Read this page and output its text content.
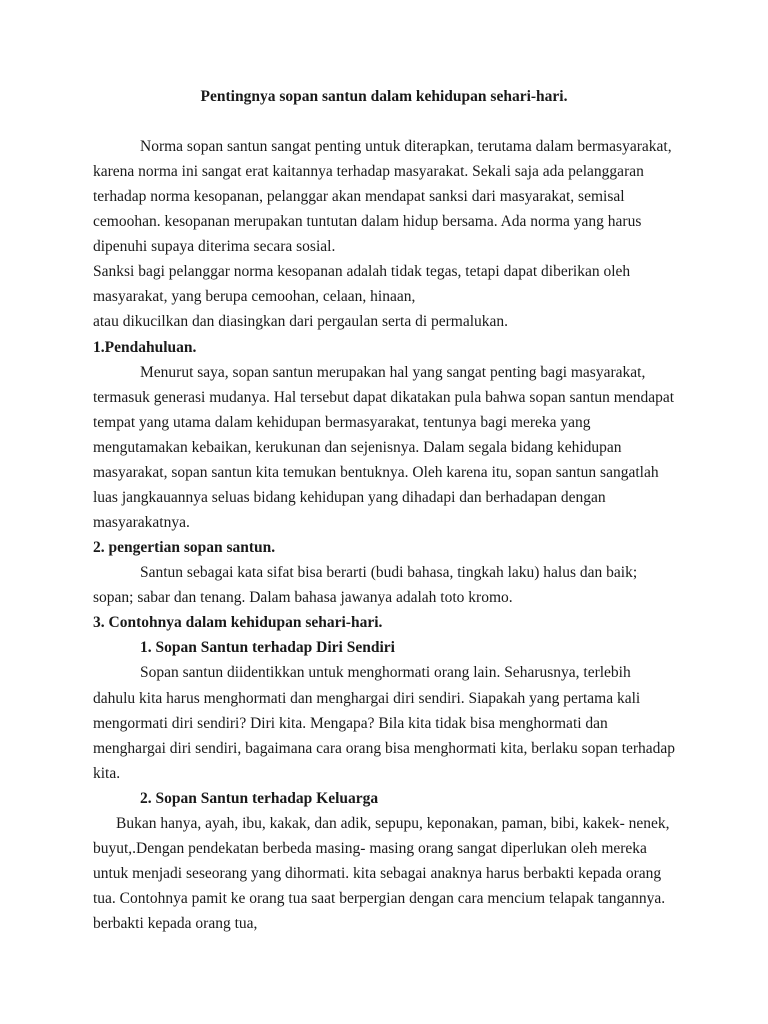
Pentingnya sopan santun dalam kehidupan sehari-hari.
Norma sopan santun sangat penting untuk diterapkan, terutama dalam bermasyarakat,
karena norma ini sangat erat kaitannya terhadap masyarakat. Sekali saja ada pelanggaran
terhadap norma kesopanan, pelanggar akan mendapat sanksi dari masyarakat, semisal
cemoohan. kesopanan merupakan tuntutan dalam hidup bersama. Ada norma yang harus
dipenuhi supaya diterima secara sosial.
Sanksi bagi pelanggar norma kesopanan adalah tidak tegas, tetapi dapat diberikan oleh
masyarakat, yang berupa cemoohan, celaan, hinaan,
atau dikucilkan dan diasingkan dari pergaulan serta di permalukan.
1.Pendahuluan.
Menurut saya, sopan santun merupakan hal yang sangat penting bagi masyarakat,
termasuk generasi mudanya. Hal tersebut dapat dikatakan pula bahwa sopan santun mendapat
tempat yang utama dalam kehidupan bermasyarakat, tentunya bagi mereka yang
mengutamakan kebaikan, kerukunan dan sejenisnya. Dalam segala bidang kehidupan
masyarakat, sopan santun kita temukan bentuknya. Oleh karena itu, sopan santun sangatlah
luas jangkauannya seluas bidang kehidupan yang dihadapi dan berhadapan dengan
masyarakatnya.
2. pengertian sopan santun.
Santun sebagai kata sifat bisa berarti (budi bahasa, tingkah laku) halus dan baik;
sopan; sabar dan tenang. Dalam bahasa jawanya adalah toto kromo.
3. Contohnya dalam kehidupan sehari-hari.
1. Sopan Santun terhadap Diri Sendiri
Sopan santun diidentikkan untuk menghormati orang lain. Seharusnya, terlebih
dahulu kita harus menghormati dan menghargai diri sendiri. Siapakah yang pertama kali
mengormati diri sendiri? Diri kita. Mengapa? Bila kita tidak bisa menghormati dan
menghargai diri sendiri, bagaimana cara orang bisa menghormati kita, berlaku sopan terhadap
kita.
2. Sopan Santun terhadap Keluarga
Bukan hanya, ayah, ibu, kakak, dan adik, sepupu, keponakan, paman, bibi, kakek- nenek,
buyut,.Dengan pendekatan berbeda masing- masing orang sangat diperlukan oleh mereka
untuk menjadi seseorang yang dihormati. kita sebagai anaknya harus berbakti kepada orang
tua. Contohnya pamit ke orang tua saat berpergian dengan cara mencium telapak tangannya.
berbakti kepada orang tua,
